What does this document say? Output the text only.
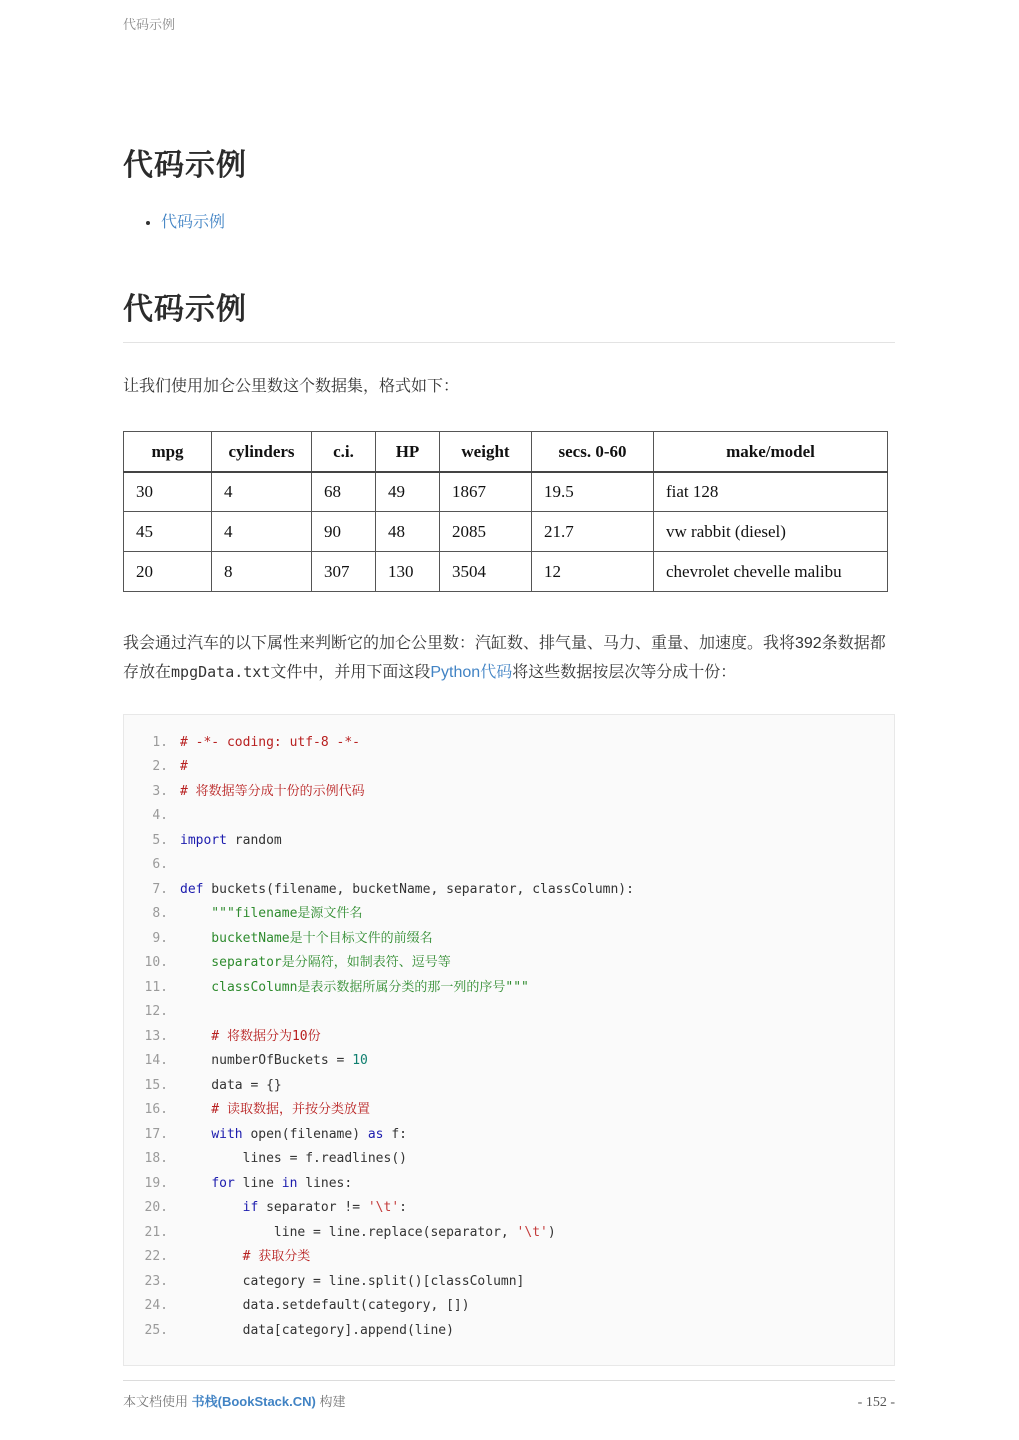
代码示例
代码示例
• 代码示例
代码示例

让我们使用加仑公里数这个数据集，格式如下：

mpg	cylinders	c.i.	HP	weight	secs. 0-60	make/model
30	4	68	49	1867	19.5	fiat 128
45	4	90	48	2085	21.7	vw rabbit (diesel)
20	8	307	130	3504	12	chevrolet chevelle malibu

我会通过汽车的以下属性来判断它的加仑公里数：汽缸数、排气量、马力、重量、加速度。我将392条数据都存放在mpgData.txt文件中，并用下面这段Python代码将这些数据按层次等分成十份：

1. # -*- coding: utf-8 -*-
2. #
3. # 将数据等分成十份的示例代码
4.
5. import random
6.
7. def buckets(filename, bucketName, separator, classColumn):
8. """filename是源文件名
9. bucketName是十个目标文件的前缀名
10. separator是分隔符，如制表符、逗号等
11. classColumn是表示数据所属分类的那一列的序号"""
12.
13. # 将数据分为10份
14. numberOfBuckets = 10
15. data = {}
16. # 读取数据，并按分类放置
17.	with open(filename) as f:
18. lines = f.readlines()
19.	for line in lines:
20.	if separator != '\t':
21. line = line.replace(separator, '\t')
22. # 获取分类
23. category = line.split()[classColumn]
24. data.setdefault(category, [])
25. data[category].append(line)
本文档使用 书栈(BookStack.CN) 构建	- 152 -
